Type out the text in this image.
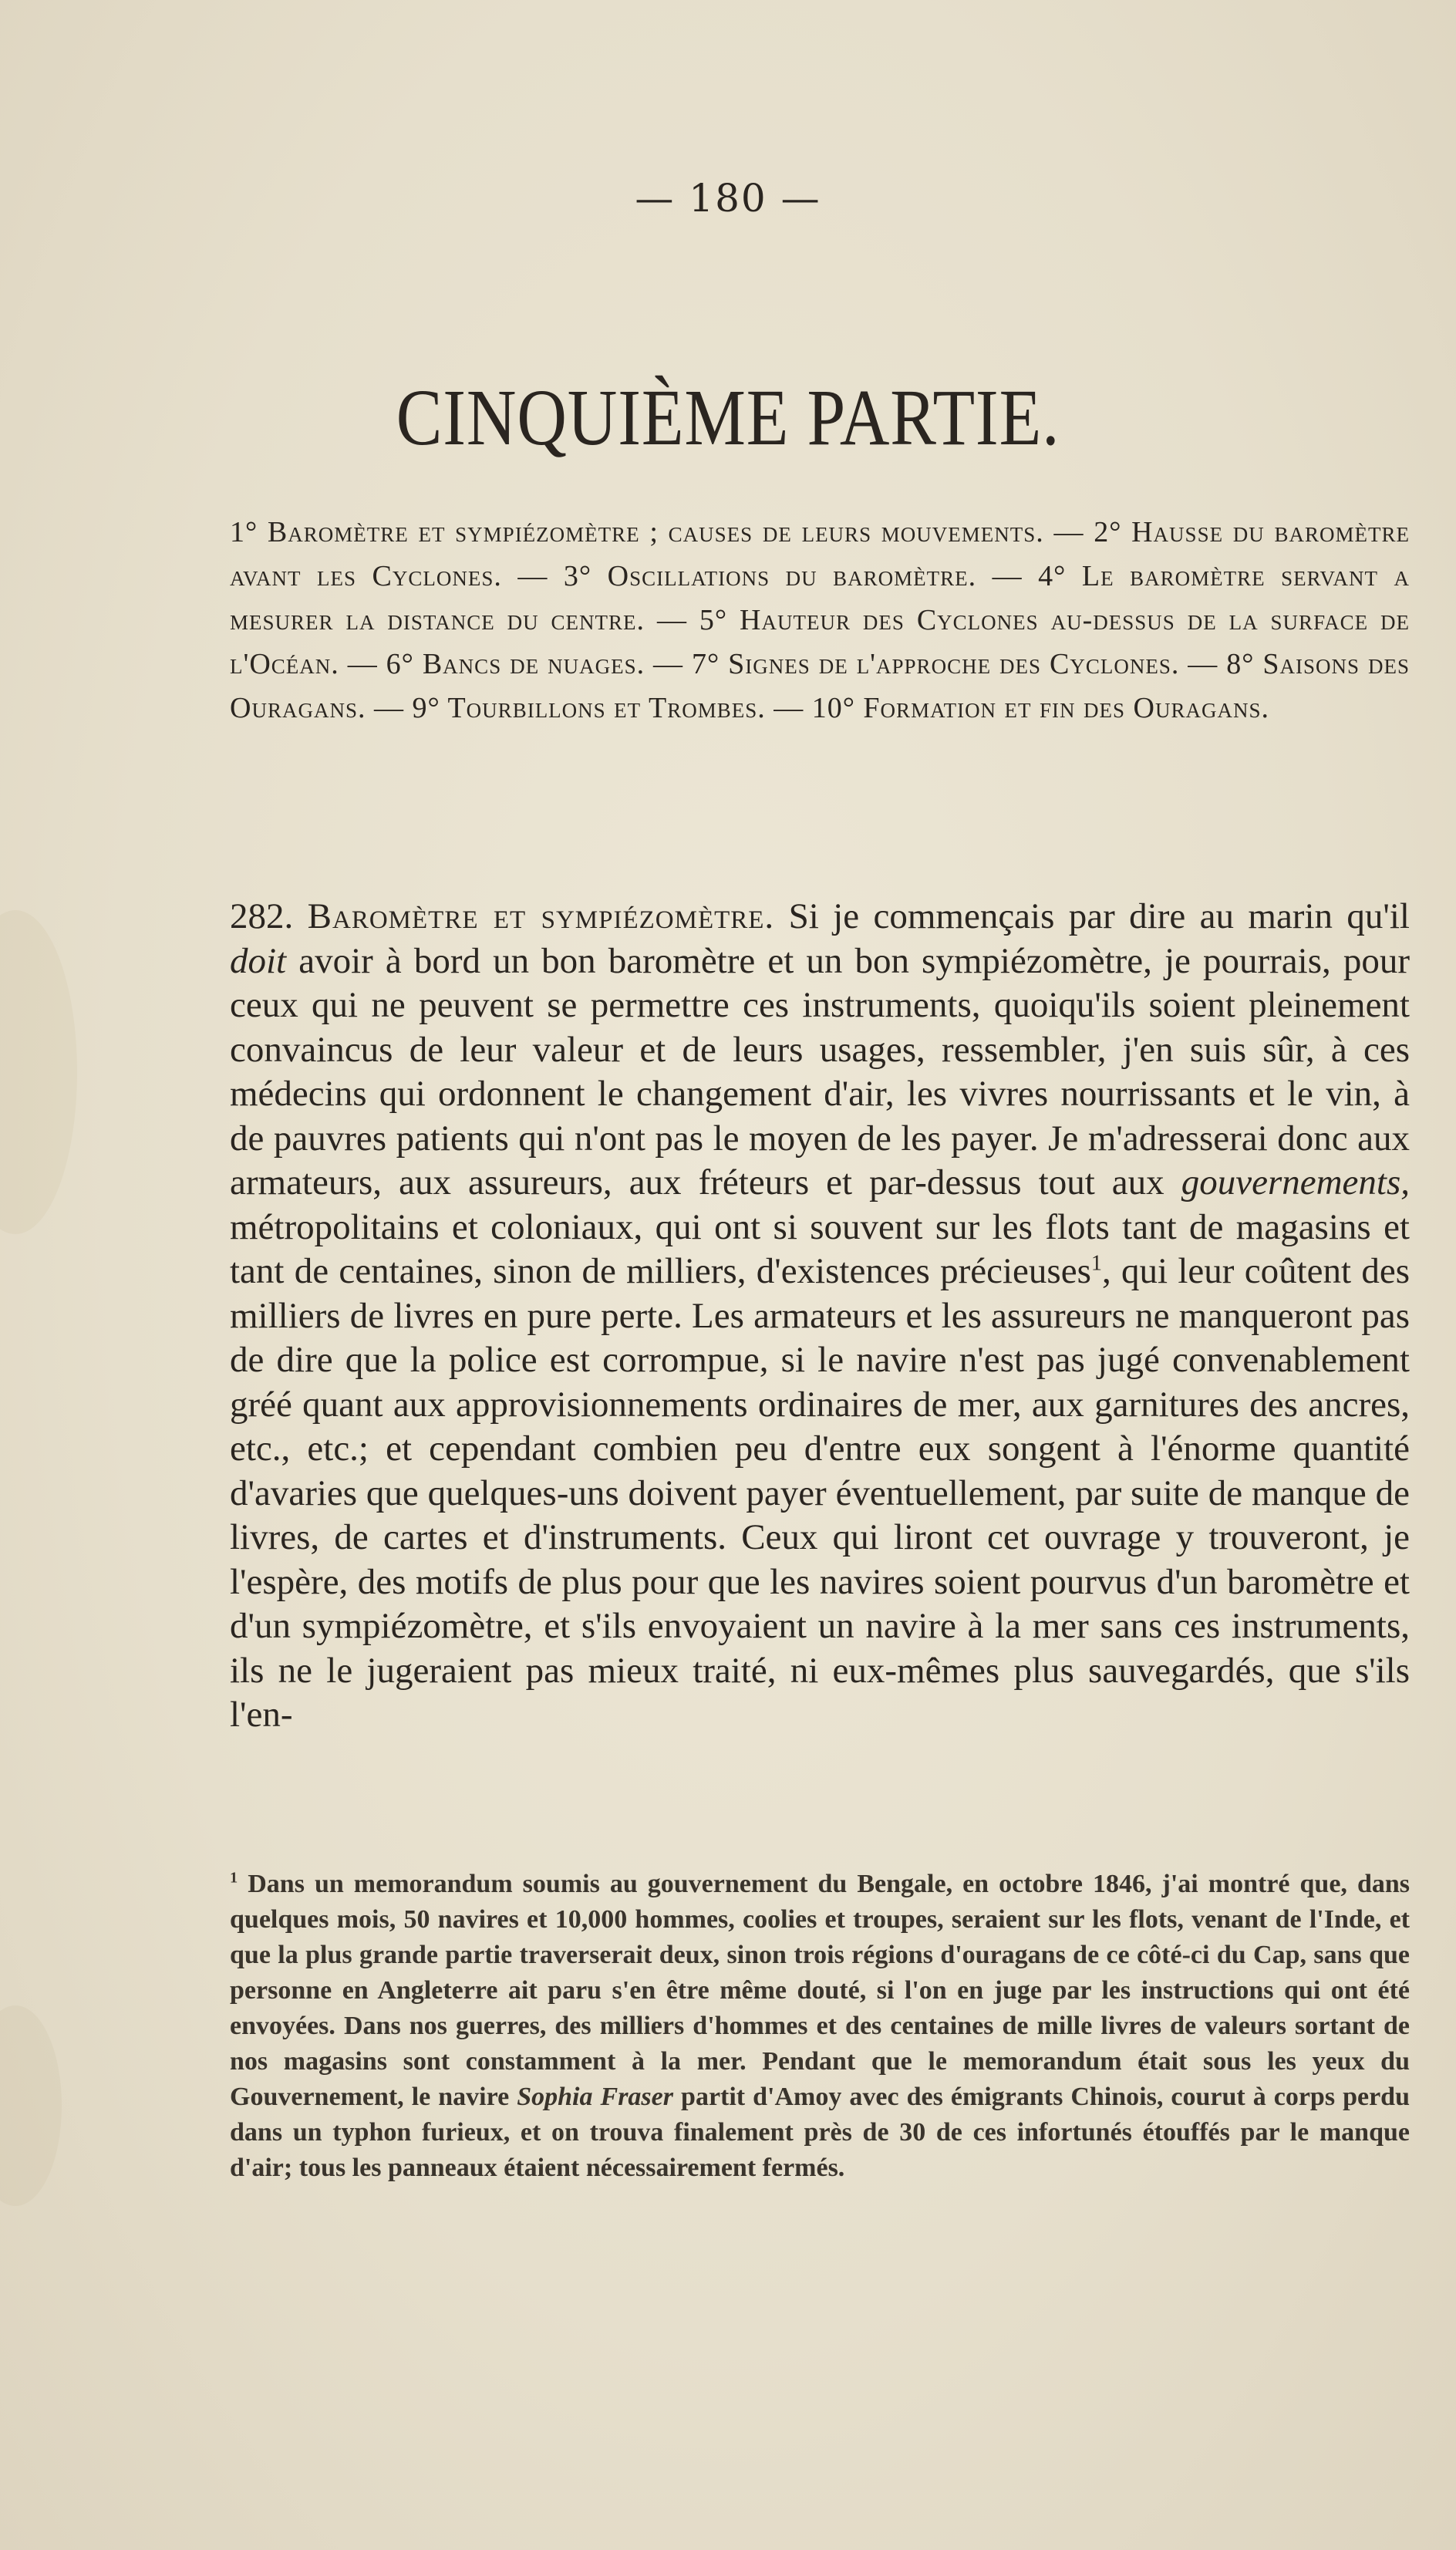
— 180 —
CINQUIÈME PARTIE.
1° Baromètre et sympiézomètre ; causes de leurs mouvements. — 2° Hausse du baromètre avant les Cyclones. — 3° Oscillations du baromètre. — 4° Le baromètre servant a mesurer la distance du centre. — 5° Hauteur des Cyclones au-dessus de la surface de l'Océan. — 6° Bancs de nuages. — 7° Signes de l'approche des Cyclones. — 8° Saisons des Ouragans. — 9° Tourbillons et Trombes. — 10° Formation et fin des Ouragans.
282. Baromètre et sympiézomètre. Si je commençais par dire au marin qu'il doit avoir à bord un bon baromètre et un bon sympiézomètre, je pourrais, pour ceux qui ne peuvent se permettre ces instruments, quoiqu'ils soient pleinement convaincus de leur valeur et de leurs usages, ressembler, j'en suis sûr, à ces médecins qui ordonnent le changement d'air, les vivres nourrissants et le vin, à de pauvres patients qui n'ont pas le moyen de les payer. Je m'adresserai donc aux armateurs, aux assureurs, aux fréteurs et par-dessus tout aux gouvernements, métropolitains et coloniaux, qui ont si souvent sur les flots tant de magasins et tant de centaines, sinon de milliers, d'existences précieuses$^1$, qui leur coûtent des milliers de livres en pure perte. Les armateurs et les assureurs ne manqueront pas de dire que la police est corrompue, si le navire n'est pas jugé convenablement gréé quant aux approvisionnements ordinaires de mer, aux garnitures des ancres, etc., etc.; et cependant combien peu d'entre eux songent à l'énorme quantité d'avaries que quelques-uns doivent payer éventuellement, par suite de manque de livres, de cartes et d'instruments. Ceux qui liront cet ouvrage y trouveront, je l'espère, des motifs de plus pour que les navires soient pourvus d'un baromètre et d'un sympiézomètre, et s'ils envoyaient un navire à la mer sans ces instruments, ils ne le jugeraient pas mieux traité, ni eux-mêmes plus sauvegardés, que s'ils l'en-
$^1$ Dans un memorandum soumis au gouvernement du Bengale, en octobre 1846, j'ai montré que, dans quelques mois, 50 navires et 10,000 hommes, coolies et troupes, seraient sur les flots, venant de l'Inde, et que la plus grande partie traverserait deux, sinon trois régions d'ouragans de ce côté-ci du Cap, sans que personne en Angleterre ait paru s'en être même douté, si l'on en juge par les instructions qui ont été envoyées. Dans nos guerres, des milliers d'hommes et des centaines de mille livres de valeurs sortant de nos magasins sont constamment à la mer. Pendant que le memorandum était sous les yeux du Gouvernement, le navire Sophia Fraser partit d'Amoy avec des émigrants Chinois, courut à corps perdu dans un typhon furieux, et on trouva finalement près de 30 de ces infortunés étouffés par le manque d'air; tous les panneaux étaient nécessairement fermés.
